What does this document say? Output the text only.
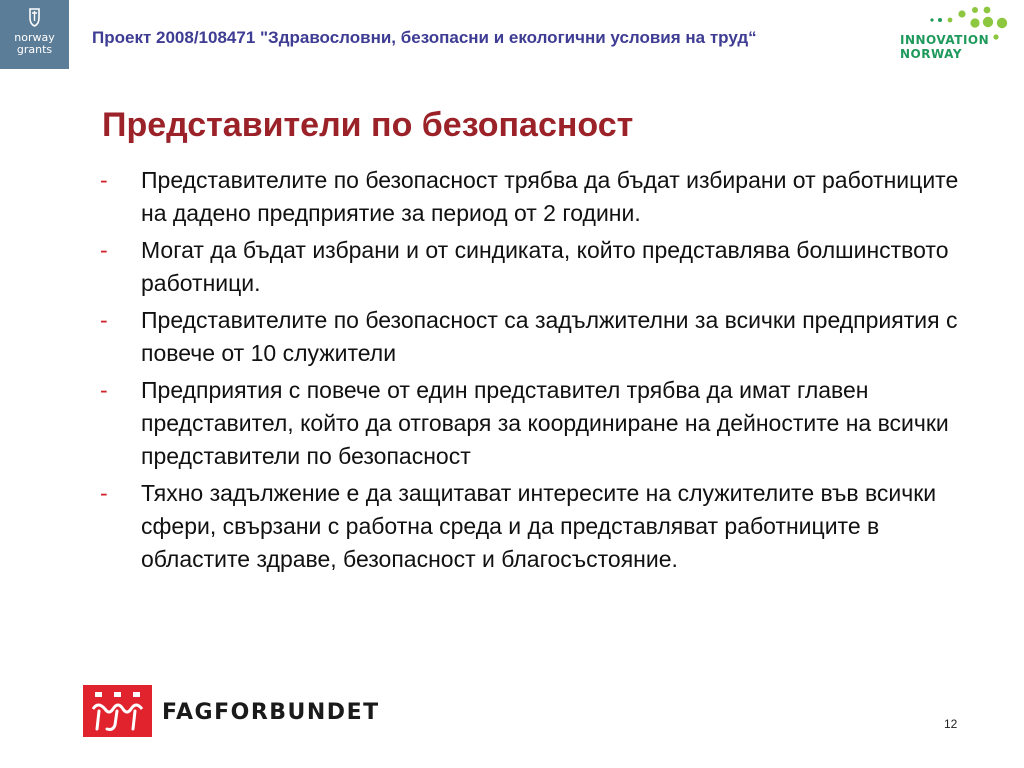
norway
grants
Проект 2008/108471 "Здравословни, безопасни и екологични условия на труд“	INNOVATION
NORWAY
Представители по безопасност
- Представителите по безопасност трябва да бъдат избирани от работниците на дадено предприятие за период от 2 години.
- Могат да бъдат избрани и от синдиката, който представлява болшинството работници.
- Представителите по безопасност са задължителни за всички предприятия с повече от 10 служители
- Предприятия с повече от един представител трябва да имат главен представител, който да отговаря за координиране на дейностите на всички представители по безопасност
- Тяхно задължение е да защитават интересите на служителите във всички сфери, свързани с работна среда и да представляват работниците в областите здраве, безопасност и благосъстояние.
FAGFORBUNDET	12
